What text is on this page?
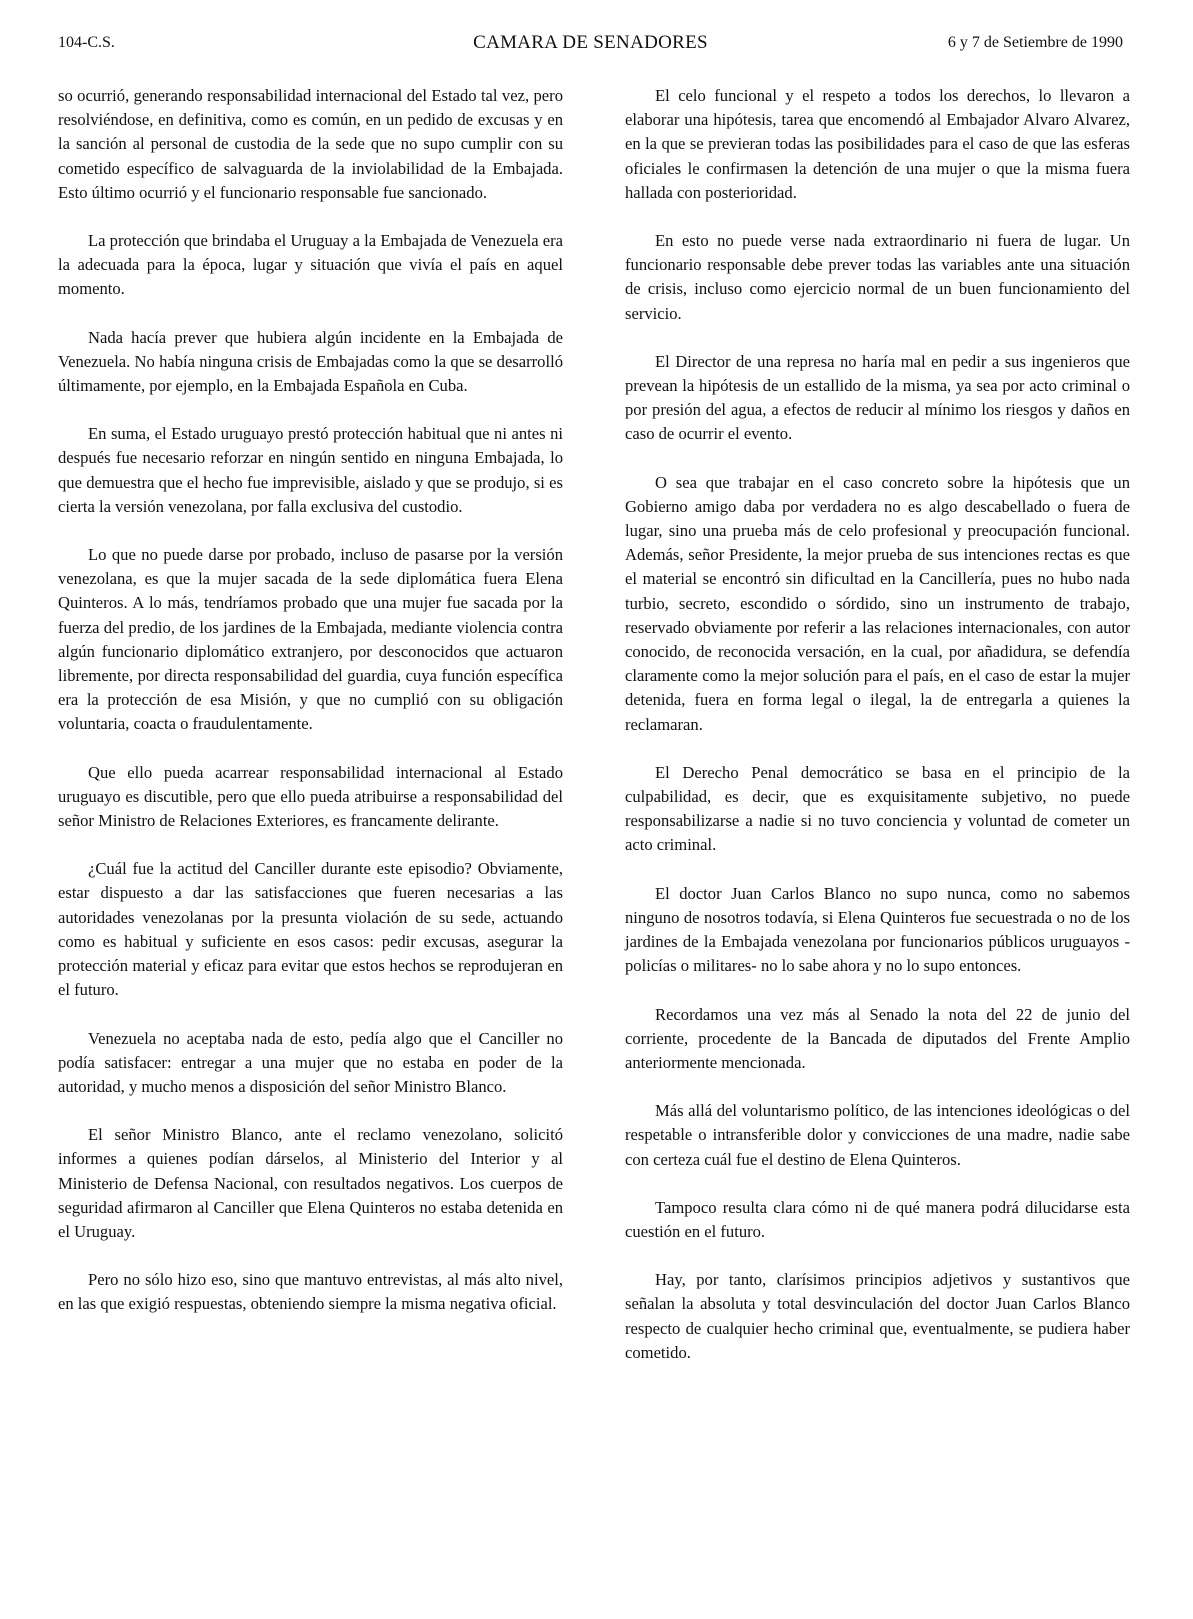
104-C.S.	CAMARA DE SENADORES	6 y 7 de Setiembre de 1990

so ocurrió, generando responsabilidad internacional del Estado tal vez, pero resolviéndose, en definitiva, como es común, en un pedido de excusas y en la sanción al personal de custodia de la sede que no supo cumplir con su cometido específico de salvaguarda de la inviolabilidad de la Embajada. Esto último ocurrió y el funcionario responsable fue sancionado.

La protección que brindaba el Uruguay a la Embajada de Venezuela era la adecuada para la época, lugar y situación que vivía el país en aquel momento.

Nada hacía prever que hubiera algún incidente en la Embajada de Venezuela. No había ninguna crisis de Embajadas como la que se desarrolló últimamente, por ejemplo, en la Embajada Española en Cuba.

En suma, el Estado uruguayo prestó protección habitual que ni antes ni después fue necesario reforzar en ningún sentido en ninguna Embajada, lo que demuestra que el hecho fue imprevisible, aislado y que se produjo, si es cierta la versión venezolana, por falla exclusiva del custodio.

Lo que no puede darse por probado, incluso de pasarse por la versión venezolana, es que la mujer sacada de la sede diplomática fuera Elena Quinteros. A lo más, tendríamos probado que una mujer fue sacada por la fuerza del predio, de los jardines de la Embajada, mediante violencia contra algún funcionario diplomático extranjero, por desconocidos que actuaron libremente, por directa responsabilidad del guardia, cuya función específica era la protección de esa Misión, y que no cumplió con su obligación voluntaria, coacta o fraudulentamente.

Que ello pueda acarrear responsabilidad internacional al Estado uruguayo es discutible, pero que ello pueda atribuirse a responsabilidad del señor Ministro de Relaciones Exteriores, es francamente delirante.

¿Cuál fue la actitud del Canciller durante este episodio? Obviamente, estar dispuesto a dar las satisfacciones que fueren necesarias a las autoridades venezolanas por la presunta violación de su sede, actuando como es habitual y suficiente en esos casos: pedir excusas, asegurar la protección material y eficaz para evitar que estos hechos se reprodujeran en el futuro.

Venezuela no aceptaba nada de esto, pedía algo que el Canciller no podía satisfacer: entregar a una mujer que no estaba en poder de la autoridad, y mucho menos a disposición del señor Ministro Blanco.

El señor Ministro Blanco, ante el reclamo venezolano, solicitó informes a quienes podían dárselos, al Ministerio del Interior y al Ministerio de Defensa Nacional, con resultados negativos. Los cuerpos de seguridad afirmaron al Canciller que Elena Quinteros no estaba detenida en el Uruguay.

Pero no sólo hizo eso, sino que mantuvo entrevistas, al más alto nivel, en las que exigió respuestas, obteniendo siempre la misma negativa oficial.

El celo funcional y el respeto a todos los derechos, lo llevaron a elaborar una hipótesis, tarea que encomendó al Embajador Alvaro Alvarez, en la que se previeran todas las posibilidades para el caso de que las esferas oficiales le confirmasen la detención de una mujer o que la misma fuera hallada con posterioridad.

En esto no puede verse nada extraordinario ni fuera de lugar. Un funcionario responsable debe prever todas las variables ante una situación de crisis, incluso como ejercicio normal de un buen funcionamiento del servicio.

El Director de una represa no haría mal en pedir a sus ingenieros que prevean la hipótesis de un estallido de la misma, ya sea por acto criminal o por presión del agua, a efectos de reducir al mínimo los riesgos y daños en caso de ocurrir el evento.

O sea que trabajar en el caso concreto sobre la hipótesis que un Gobierno amigo daba por verdadera no es algo descabellado o fuera de lugar, sino una prueba más de celo profesional y preocupación funcional. Además, señor Presidente, la mejor prueba de sus intenciones rectas es que el material se encontró sin dificultad en la Cancillería, pues no hubo nada turbio, secreto, escondido o sórdido, sino un instrumento de trabajo, reservado obviamente por referir a las relaciones internacionales, con autor conocido, de reconocida versación, en la cual, por añadidura, se defendía claramente como la mejor solución para el país, en el caso de estar la mujer detenida, fuera en forma legal o ilegal, la de entregarla a quienes la reclamaran.

El Derecho Penal democrático se basa en el principio de la culpabilidad, es decir, que es exquisitamente subjetivo, no puede responsabilizarse a nadie si no tuvo conciencia y voluntad de cometer un acto criminal.

El doctor Juan Carlos Blanco no supo nunca, como no sabemos ninguno de nosotros todavía, si Elena Quinteros fue secuestrada o no de los jardines de la Embajada venezolana por funcionarios públicos uruguayos -policías o militares- no lo sabe ahora y no lo supo entonces.

Recordamos una vez más al Senado la nota del 22 de junio del corriente, procedente de la Bancada de diputados del Frente Amplio anteriormente mencionada.

Más allá del voluntarismo político, de las intenciones ideológicas o del respetable o intransferible dolor y convicciones de una madre, nadie sabe con certeza cuál fue el destino de Elena Quinteros.

Tampoco resulta clara cómo ni de qué manera podrá dilucidarse esta cuestión en el futuro.

Hay, por tanto, clarísimos principios adjetivos y sustantivos que señalan la absoluta y total desvinculación del doctor Juan Carlos Blanco respecto de cualquier hecho criminal que, eventualmente, se pudiera haber cometido.
